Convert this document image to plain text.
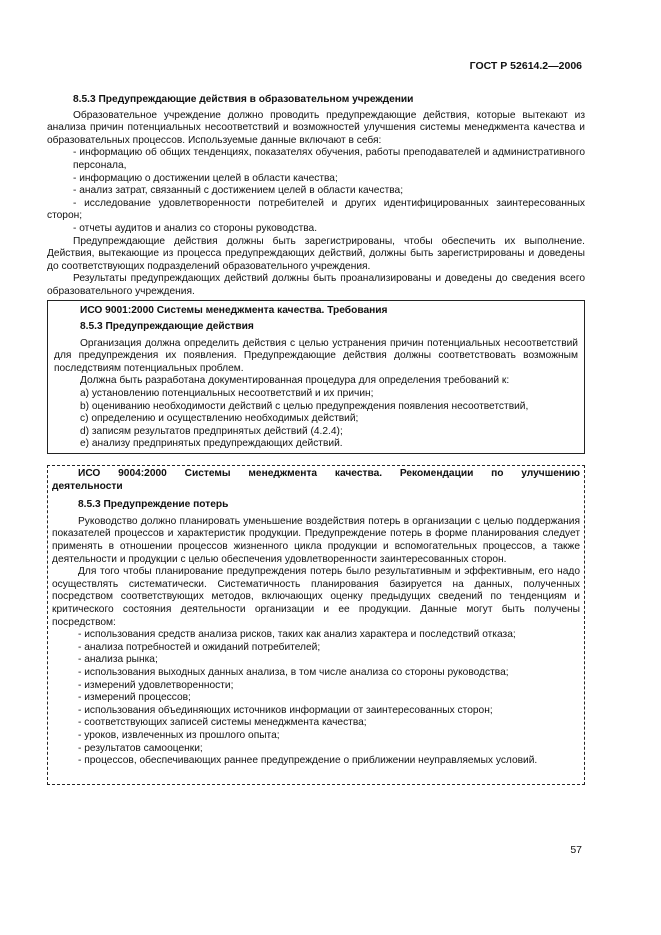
ГОСТ Р 52614.2—2006

8.5.3 Предупреждающие действия в образовательном учреждении

Образовательное учреждение должно проводить предупреждающие действия, которые вытекают из анализа причин потенциальных несоответствий и возможностей улучшения системы менеджмента качества и образовательных процессов. Используемые данные включают в себя:

- информацию об общих тенденциях, показателях обучения, работы преподавателей и административного персонала,

- информацию о достижении целей в области качества;

- анализ затрат, связанный с достижением целей в области качества;

- исследование удовлетворенности потребителей и других идентифицированных заинтересованных сторон;

- отчеты аудитов и анализ со стороны руководства.

Предупреждающие действия должны быть зарегистрированы, чтобы обеспечить их выполнение. Действия, вытекающие из процесса предупреждающих действий, должны быть зарегистрированы и доведены до соответствующих подразделений образовательного учреждения.

Результаты предупреждающих действий должны быть проанализированы и доведены до сведения всего образовательного учреждения.

ИСО 9001:2000 Системы менеджмента качества. Требования

8.5.3 Предупреждающие действия

Организация должна определить действия с целью устранения причин потенциальных несоответствий для предупреждения их появления. Предупреждающие действия должны соответствовать возможным последствиям потенциальных проблем.

Должна быть разработана документированная процедура для определения требований к:

a) установлению потенциальных несоответствий и их причин;

b) оцениванию необходимости действий с целью предупреждения появления несоответствий,

c) определению и осуществлению необходимых действий;

d) записям результатов предпринятых действий (4.2.4);

e) анализу предпринятых предупреждающих действий.

ИСО 9004:2000 Системы менеджмента качества. Рекомендации по улучшению

деятельности

8.5.3 Предупреждение потерь

Руководство должно планировать уменьшение воздействия потерь в организации с целью поддержания показателей процессов и характеристик продукции. Предупреждение потерь в форме планирования следует применять в отношении процессов жизненного цикла продукции и вспомогательных процессов, а также деятельности и продукции с целью обеспечения удовлетворенности заинтересованных сторон.

Для того чтобы планирование предупреждения потерь было результативным и эффективным, его надо осуществлять систематически. Систематичность планирования базируется на данных, полученных посредством соответствующих методов, включающих оценку предыдущих сведений по тенденциям и критического состояния деятельности организации и ее продукции. Данные могут быть получены посредством:

- использования средств анализа рисков, таких как анализ характера и последствий отказа;

- анализа потребностей и ожиданий потребителей;

- анализа рынка;

- использования выходных данных анализа, в том числе анализа со стороны руководства;

- измерений удовлетворенности;

- измерений процессов;

- использования объединяющих источников информации от заинтересованных сторон;

- соответствующих записей системы менеджмента качества;

- уроков, извлеченных из прошлого опыта;

- результатов самооценки;

- процессов, обеспечивающих раннее предупреждение о приближении неуправляемых условий.

57
